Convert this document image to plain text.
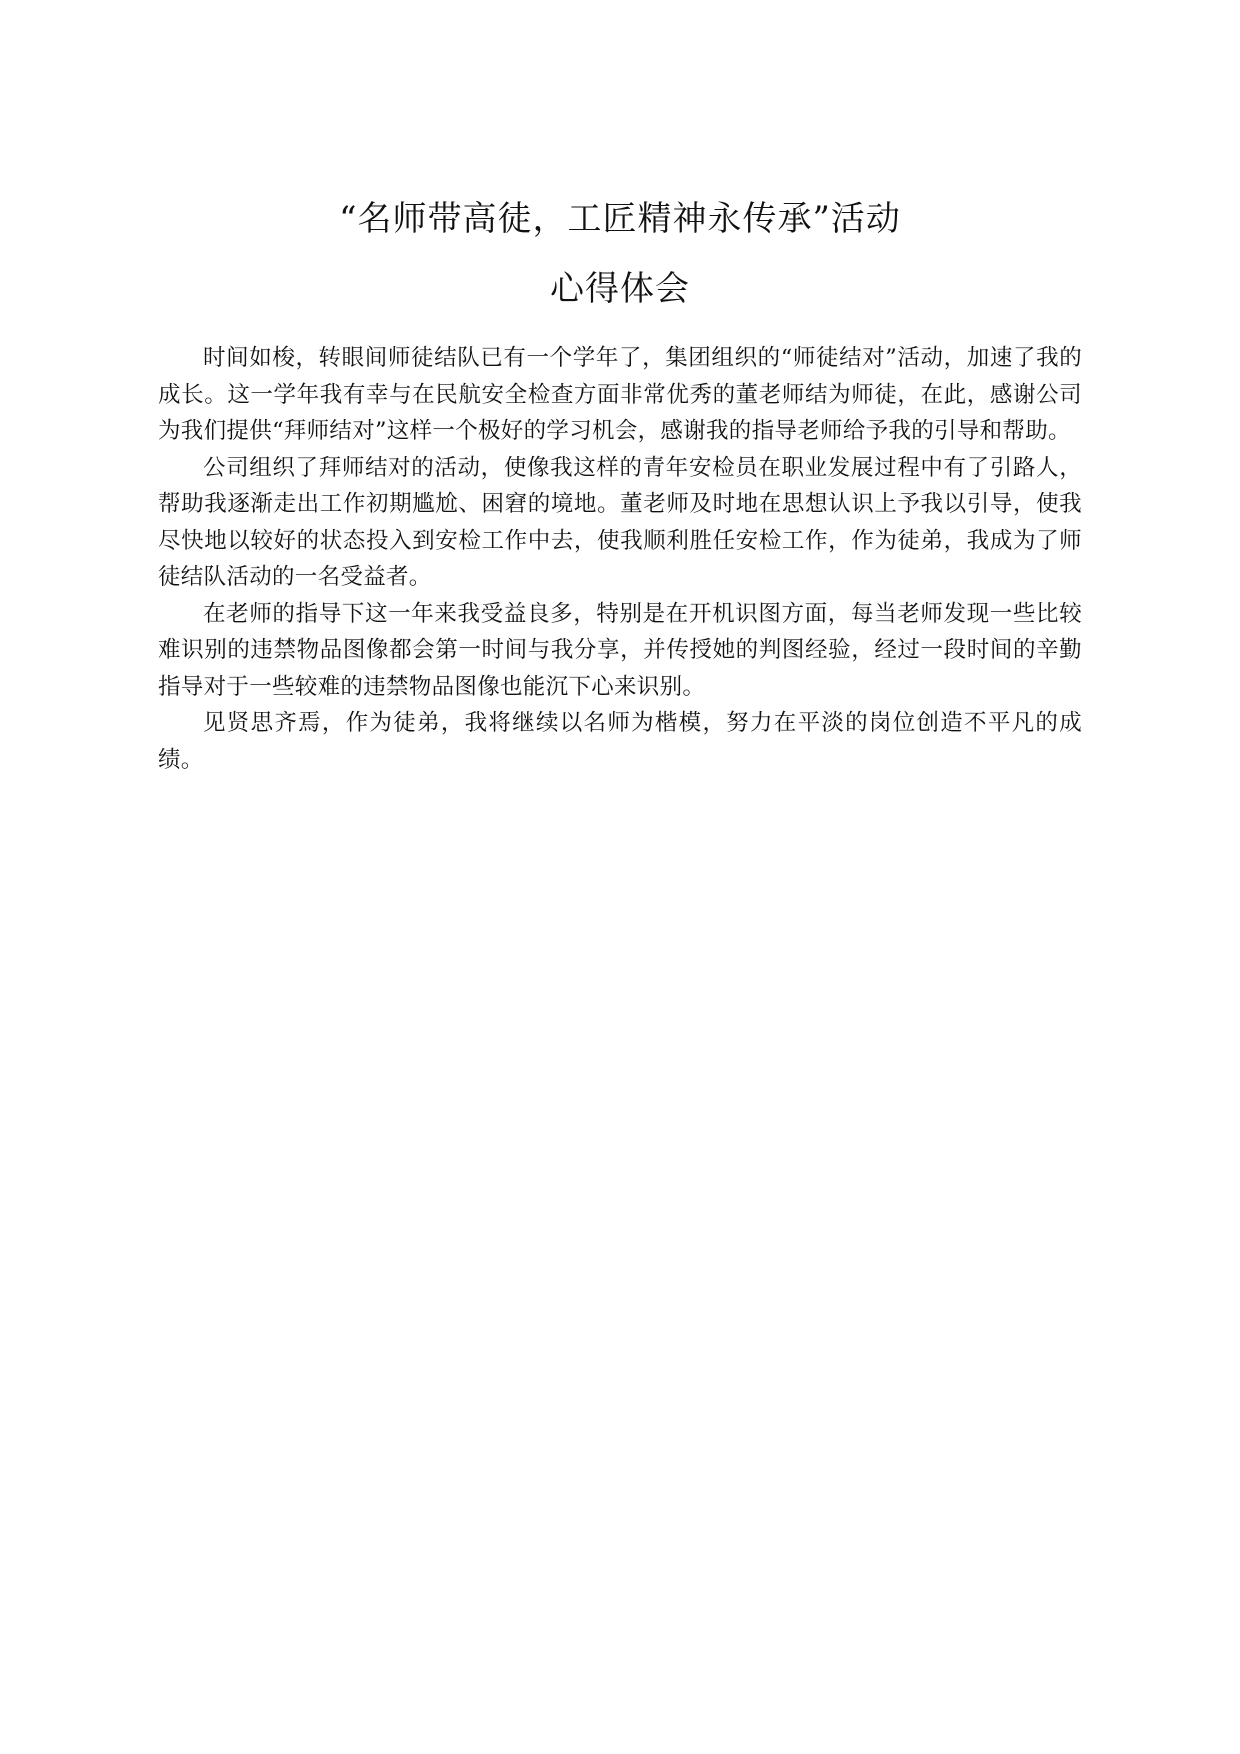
“名师带高徒，工匠精神永传承”活动
心得体会

时间如梭，转眼间师徒结队已有一个学年了，集团组织的“师徒结对”活动，加速了我的成长。这一学年我有幸与在民航安全检查方面非常优秀的董老师结为师徒，在此，感谢公司为我们提供“拜师结对”这样一个极好的学习机会，感谢我的指导老师给予我的引导和帮助。

公司组织了拜师结对的活动，使像我这样的青年安检员在职业发展过程中有了引路人，帮助我逐渐走出工作初期尴尬、困窘的境地。董老师及时地在思想认识上予我以引导，使我尽快地以较好的状态投入到安检工作中去，使我顺利胜任安检工作，作为徒弟，我成为了师徒结队活动的一名受益者。

在老师的指导下这一年来我受益良多，特别是在开机识图方面，每当老师发现一些比较难识别的违禁物品图像都会第一时间与我分享，并传授她的判图经验，经过一段时间的辛勤指导对于一些较难的违禁物品图像也能沉下心来识别。

见贤思齐焉，作为徒弟，我将继续以名师为楷模，努力在平淡的岗位创造不平凡的成绩。
